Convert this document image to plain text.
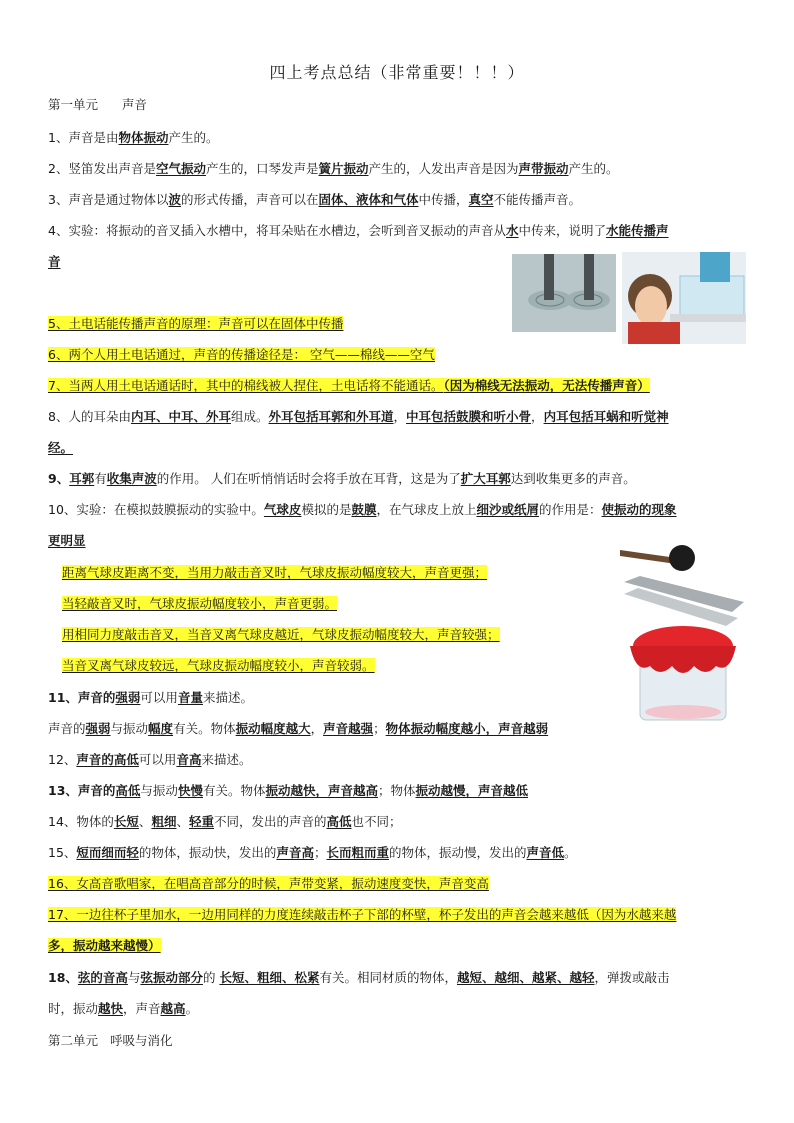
四上考点总结（非常重要！！！）
第一单元 声音
1、声音是由物体振动产生的。
2、竖笛发出声音是空气振动产生的，口琴发声是簧片振动产生的，人发出声音是因为声带振动产生的。
3、声音是通过物体以波的形式传播，声音可以在固体、液体和气体中传播，真空不能传播声音。
4、实验：将振动的音叉插入水槽中，将耳朵贴在水槽边，会听到音叉振动的声音从水中传来，说明了水能传播声
音
5、土电话能传播声音的原理：声音可以在固体中传播
6、两个人用土电话通过，声音的传播途径是： 空气——棉线——空气
7、当两人用土电话通话时，其中的棉线被人捏住，土电话将不能通话。（因为棉线无法振动，无法传播声音）
8、人的耳朵由内耳、中耳、外耳组成。外耳包括耳郭和外耳道，中耳包括鼓膜和听小骨，内耳包括耳蜗和听觉神
经。
9、耳郭有收集声波的作用。 人们在听悄悄话时会将手放在耳背，这是为了扩大耳郭达到收集更多的声音。
10、实验：在模拟鼓膜振动的实验中。气球皮模拟的是鼓膜，在气球皮上放上细沙或纸屑的作用是：使振动的现象
更明显
距离气球皮距离不变，当用力敲击音叉时，气球皮振动幅度较大，声音更强；
当轻敲音叉时，气球皮振动幅度较小，声音更弱。
用相同力度敲击音叉，当音叉离气球皮越近，气球皮振动幅度较大，声音较强；
当音叉离气球皮较远，气球皮振动幅度较小，声音较弱。
11、声音的强弱可以用音量来描述。
声音的强弱与振动幅度有关。物体振动幅度越大，声音越强；物体振动幅度越小，声音越弱
12、声音的高低可以用音高来描述。
13、声音的高低与振动快慢有关。物体振动越快，声音越高；物体振动越慢，声音越低
14、物体的长短、粗细、轻重不同，发出的声音的高低也不同；
15、短而细而轻的物体，振动快，发出的声音高；长而粗而重的物体，振动慢，发出的声音低。
16、女高音歌唱家，在唱高音部分的时候，声带变紧，振动速度变快，声音变高
17、一边往杯子里加水，一边用同样的力度连续敲击杯子下部的杯壁，杯子发出的声音会越来越低（因为水越来越
多，振动越来越慢）
18、弦的音高与弦振动部分的 长短、粗细、松紧有关。相同材质的物体，越短、越细、越紧、越轻，弹拨或敲击
时，振动越快，声音越高。
第二单元 呼吸与消化
